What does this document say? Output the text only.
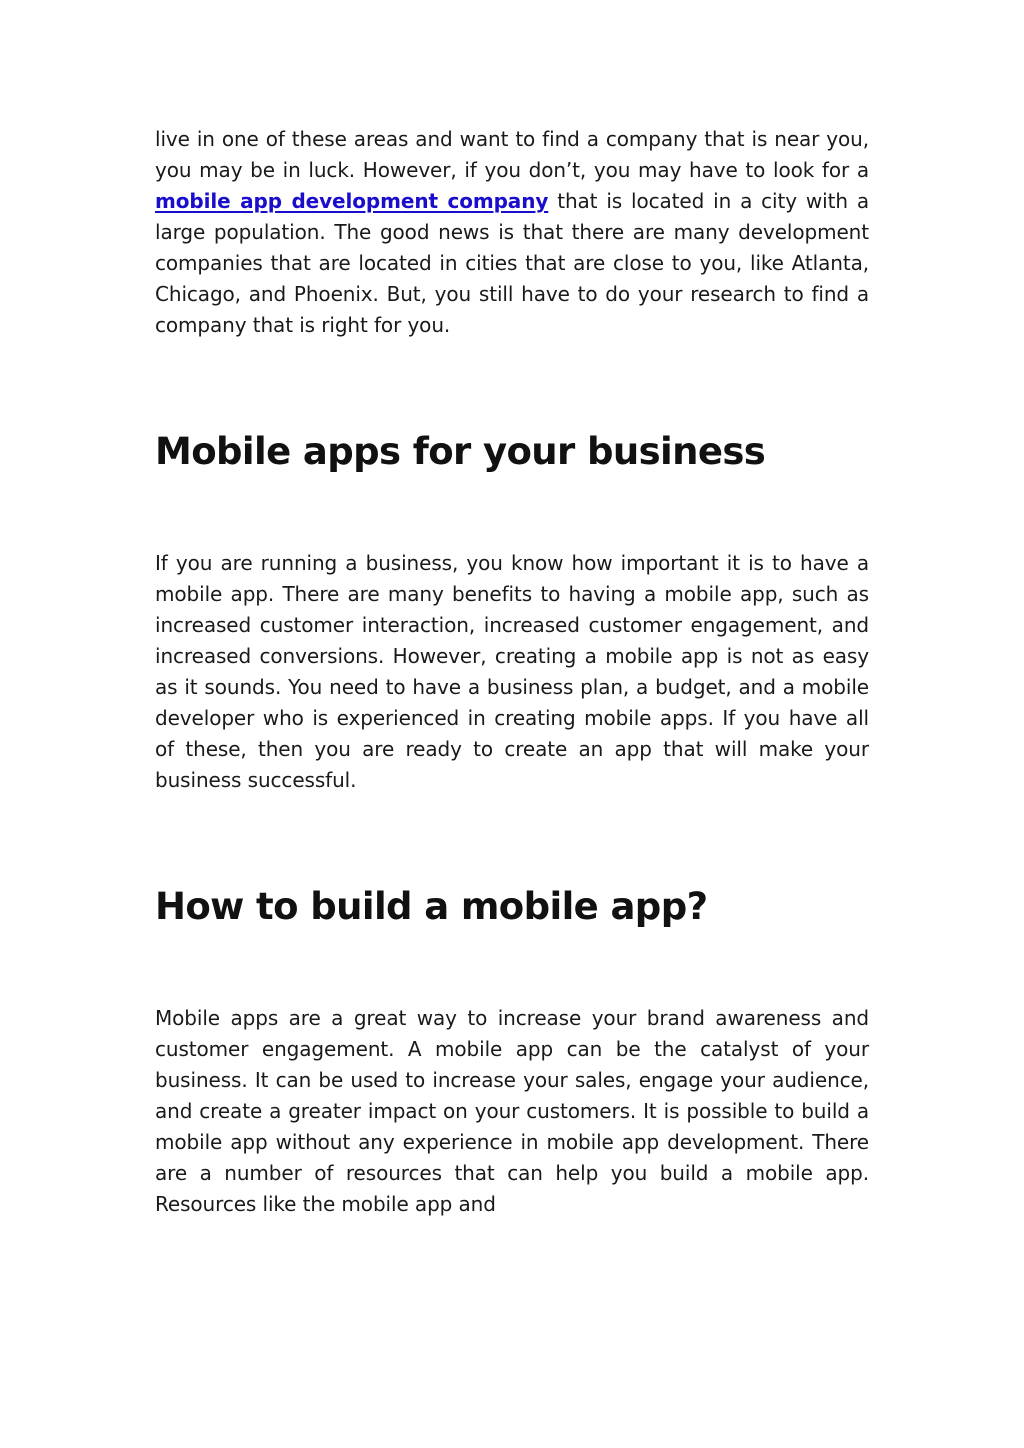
live in one of these areas and want to find a company that is near you, you may be in luck. However, if you don’t, you may have to look for a mobile app development company that is located in a city with a large population. The good news is that there are many development companies that are located in cities that are close to you, like Atlanta, Chicago, and Phoenix. But, you still have to do your research to find a company that is right for you.

Mobile apps for your business

If you are running a business, you know how important it is to have a mobile app. There are many benefits to having a mobile app, such as increased customer interaction, increased customer engagement, and increased conversions. However, creating a mobile app is not as easy as it sounds. You need to have a business plan, a budget, and a mobile developer who is experienced in creating mobile apps. If you have all of these, then you are ready to create an app that will make your business successful.

How to build a mobile app?

Mobile apps are a great way to increase your brand awareness and customer engagement. A mobile app can be the catalyst of your business. It can be used to increase your sales, engage your audience, and create a greater impact on your customers. It is possible to build a mobile app without any experience in mobile app development. There are a number of resources that can help you build a mobile app. Resources like the mobile app and
